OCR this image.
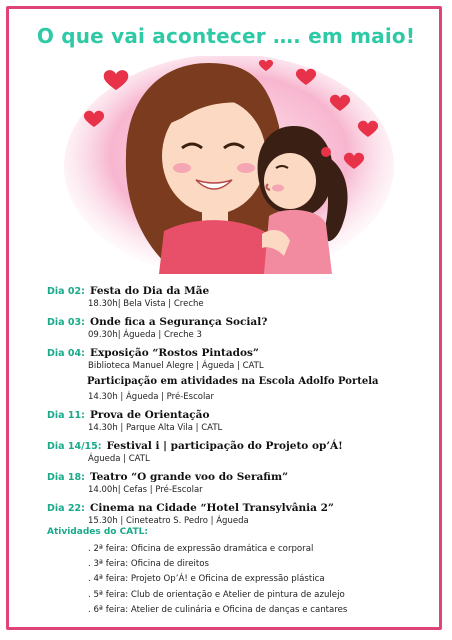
O que vai acontecer …. em maio!
Dia 02: Festa do Dia da Mãe
18.30h| Bela Vista | Creche
Dia 03: Onde fica a Segurança Social?
09.30h| Águeda | Creche 3
Dia 04: Exposição “Rostos Pintados”
Biblioteca Manuel Alegre | Águeda | CATL
Participação em atividades na Escola Adolfo Portela
14.30h | Águeda | Pré-Escolar
Dia 11: Prova de Orientação
14.30h | Parque Alta Vila | CATL
Dia 14/15: Festival i | participação do Projeto op’Á!
Águeda | CATL
Dia 18: Teatro “O grande voo do Serafim”
14.00h| Cefas | Pré-Escolar
Dia 22: Cinema na Cidade “Hotel Transylvânia 2”
15.30h | Cineteatro S. Pedro | Águeda
Atividades do CATL:
. 2ª feira: Oficina de expressão dramática e corporal
. 3ª feira: Oficina de direitos
. 4ª feira: Projeto Op’Á! e Oficina de expressão plástica
. 5ª feira: Club de orientação e Atelier de pintura de azulejo
. 6ª feira: Atelier de culinária e Oficina de danças e cantares
